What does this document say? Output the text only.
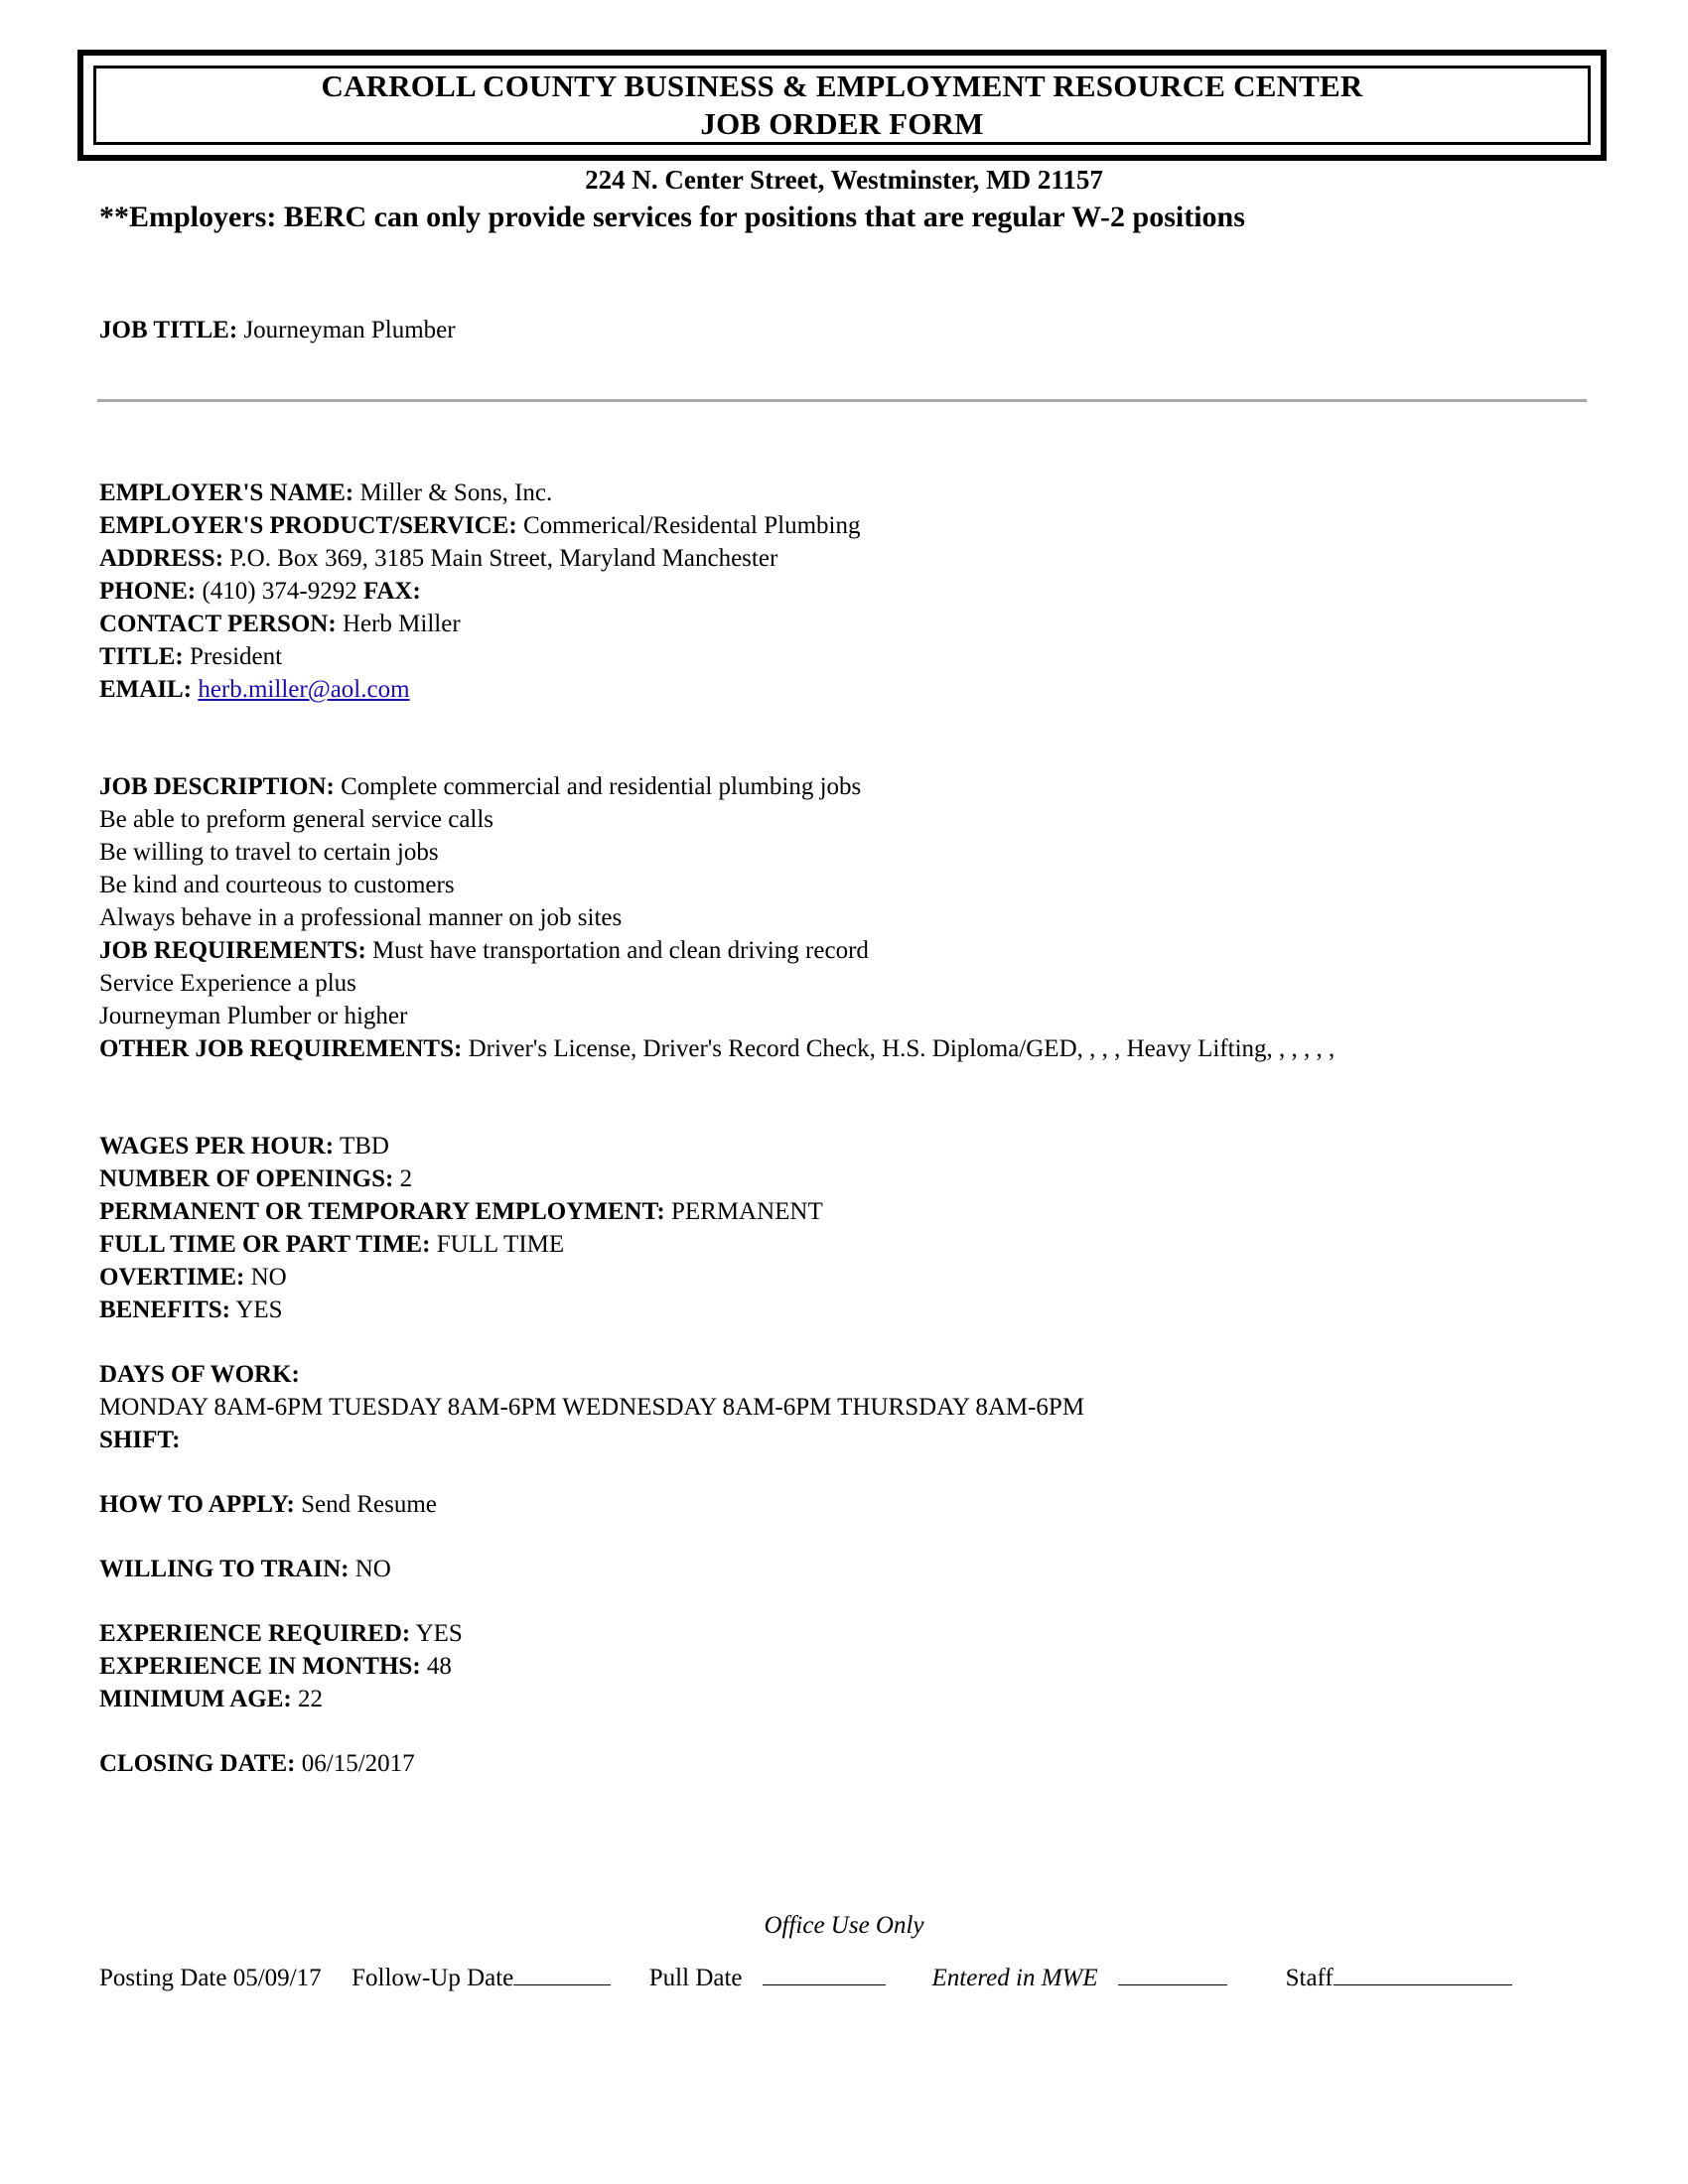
CARROLL COUNTY BUSINESS & EMPLOYMENT RESOURCE CENTER
JOB ORDER FORM
224 N. Center Street, Westminster, MD 21157
**Employers: BERC can only provide services for positions that are regular W-2 positions
JOB TITLE: Journeyman Plumber
EMPLOYER'S NAME: Miller & Sons, Inc.
EMPLOYER'S PRODUCT/SERVICE: Commerical/Residental Plumbing
ADDRESS: P.O. Box 369, 3185 Main Street, Maryland Manchester
PHONE: (410) 374-9292 FAX:
CONTACT PERSON: Herb Miller
TITLE: President
EMAIL: herb.miller@aol.com
JOB DESCRIPTION: Complete commercial and residential plumbing jobs
Be able to preform general service calls
Be willing to travel to certain jobs
Be kind and courteous to customers
Always behave in a professional manner on job sites
JOB REQUIREMENTS: Must have transportation and clean driving record
Service Experience a plus
Journeyman Plumber or higher
OTHER JOB REQUIREMENTS: Driver's License, Driver's Record Check, H.S. Diploma/GED, , , , Heavy Lifting, , , , , ,
WAGES PER HOUR: TBD
NUMBER OF OPENINGS: 2
PERMANENT OR TEMPORARY EMPLOYMENT: PERMANENT
FULL TIME OR PART TIME: FULL TIME
OVERTIME: NO
BENEFITS: YES
DAYS OF WORK:
MONDAY 8AM-6PM TUESDAY 8AM-6PM WEDNESDAY 8AM-6PM THURSDAY 8AM-6PM
SHIFT:
HOW TO APPLY: Send Resume
WILLING TO TRAIN: NO
EXPERIENCE REQUIRED: YES
EXPERIENCE IN MONTHS: 48
MINIMUM AGE: 22
CLOSING DATE: 06/15/2017
Office Use Only
Posting Date 05/09/17 Follow-Up Date	Pull Date	Entered in MWE	Staff
